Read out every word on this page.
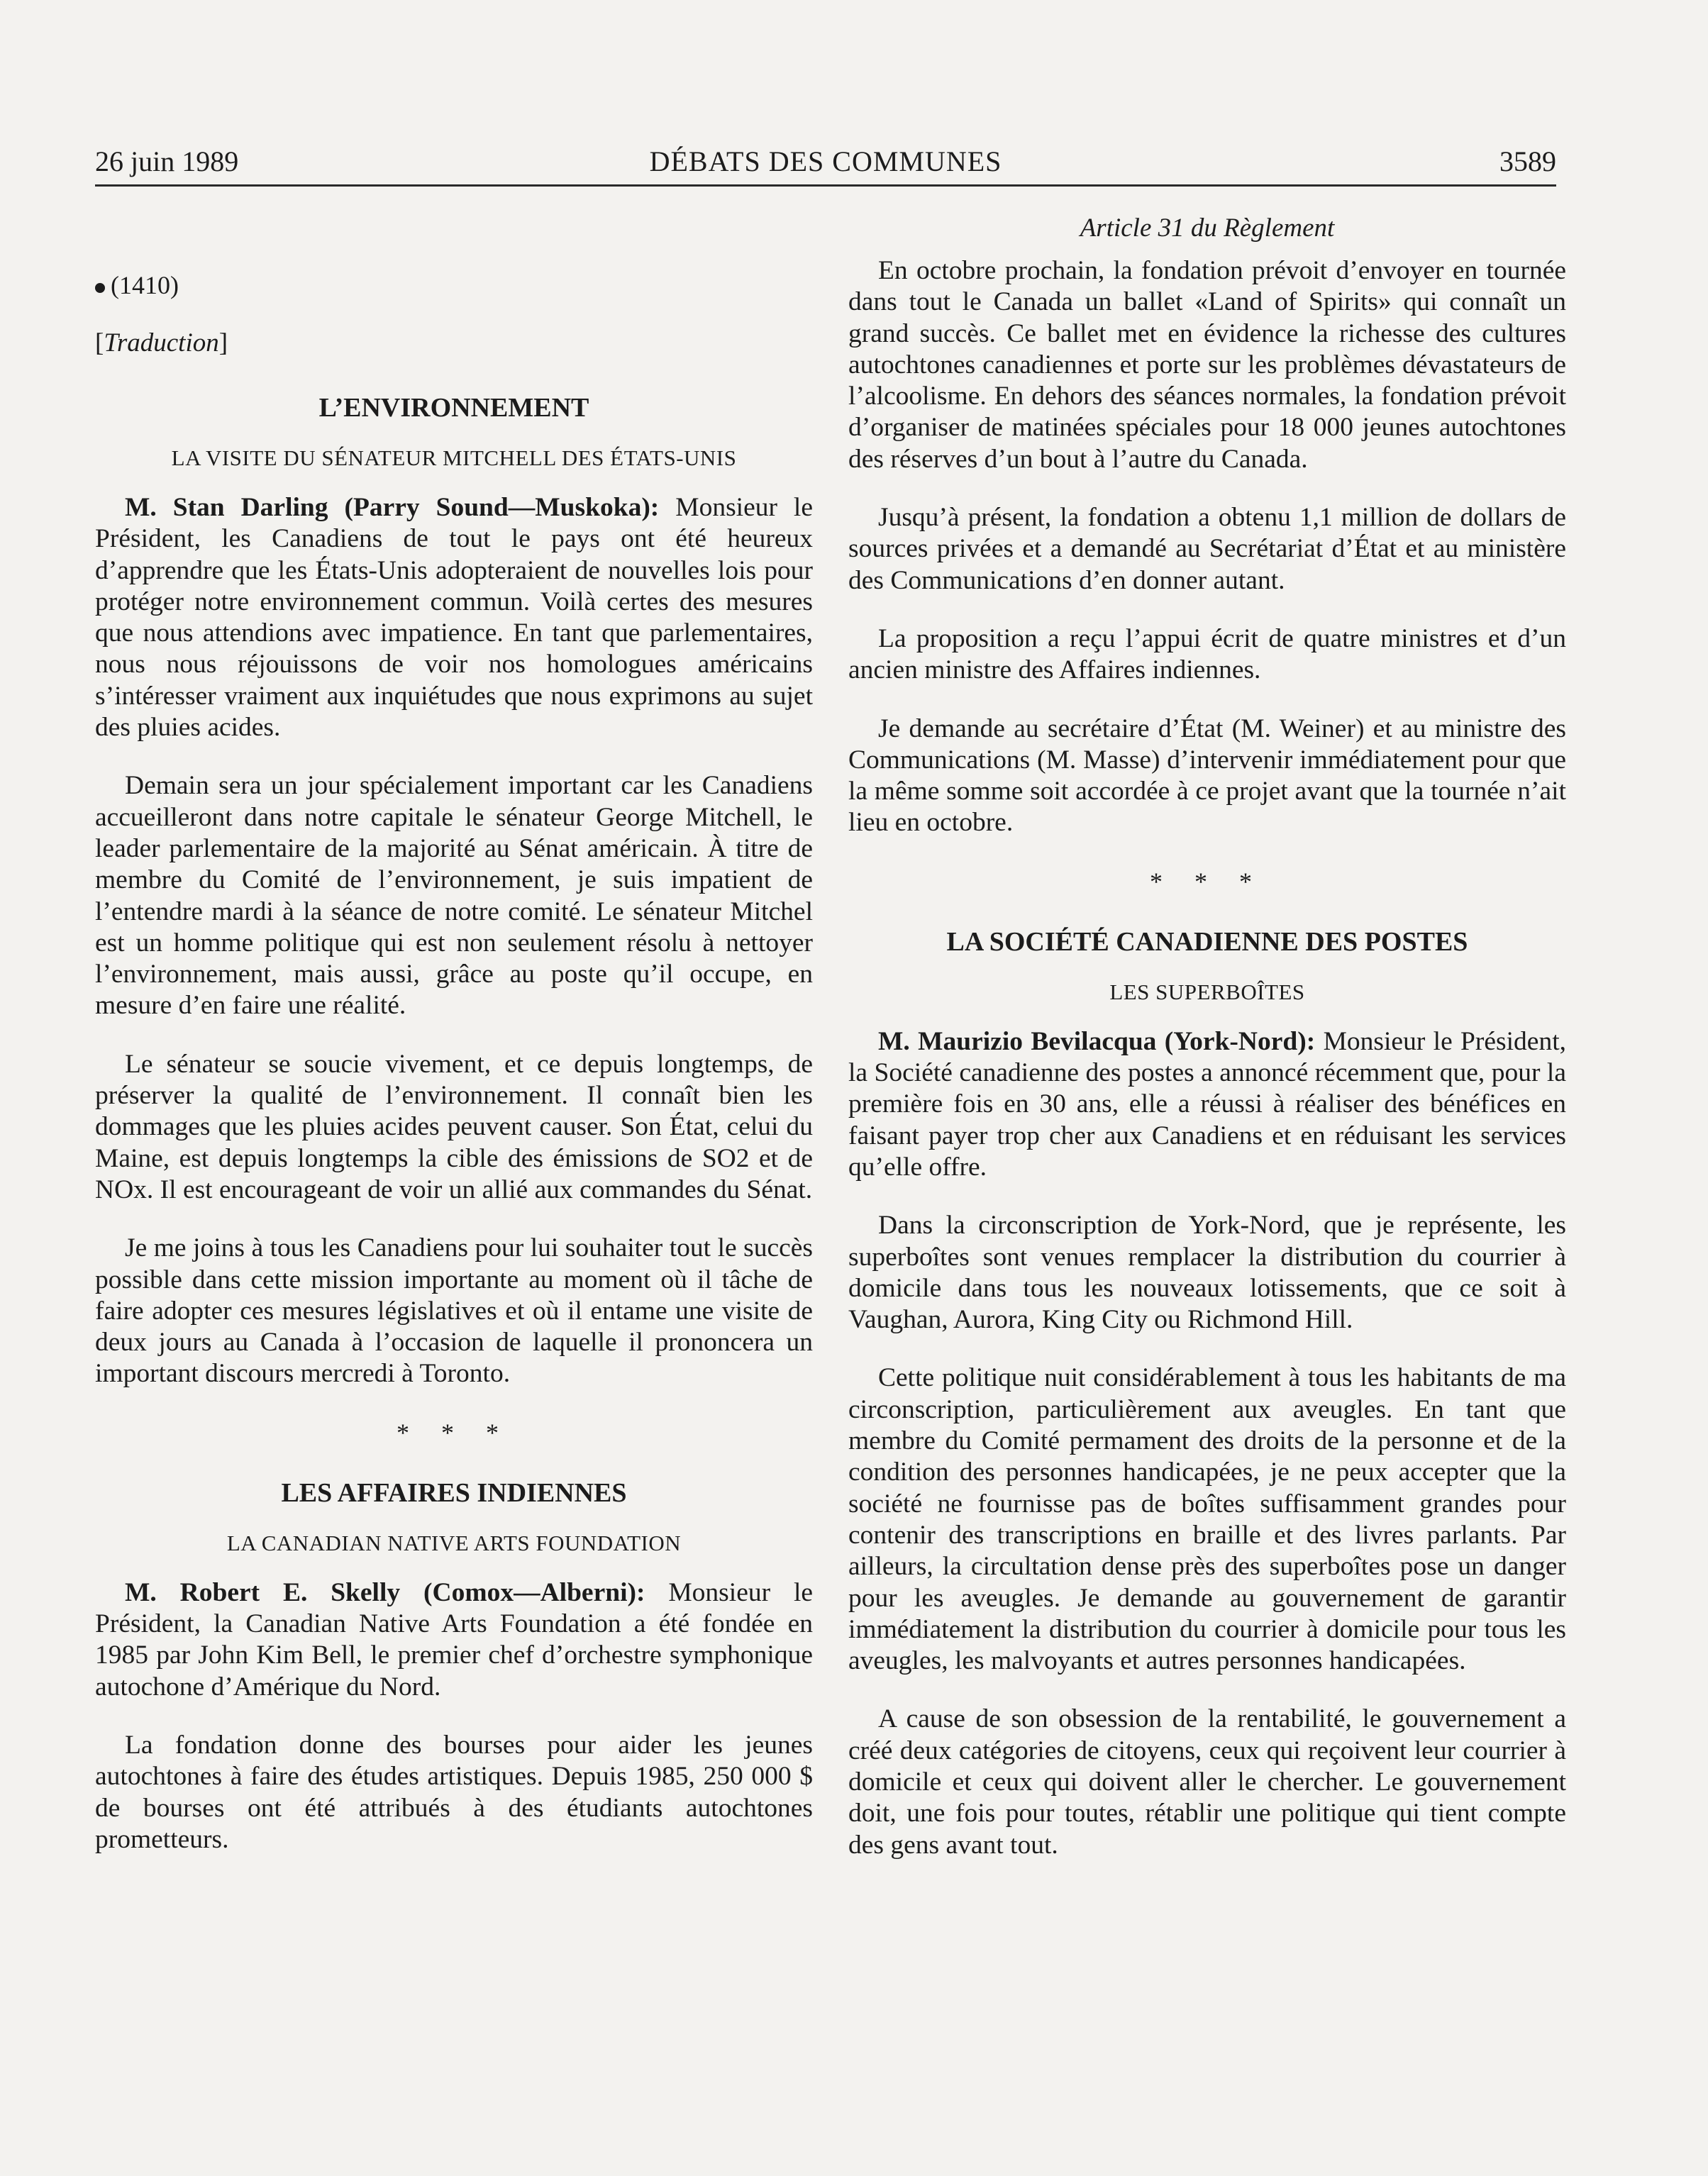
26 juin 1989	DÉBATS DES COMMUNES	3589
(1410)
[Traduction]
L’ENVIRONNEMENT
LA VISITE DU SÉNATEUR MITCHELL DES ÉTATS-UNIS

M. Stan Darling (Parry Sound—Muskoka): Monsieur le Président, les Canadiens de tout le pays ont été heureux d’apprendre que les États-Unis adopteraient de nouvelles lois pour protéger notre environnement commun. Voilà certes des mesures que nous attendions avec impatience. En tant que parlementaires, nous nous réjouissons de voir nos homologues américains s’intéresser vraiment aux inquiétudes que nous exprimons au sujet des pluies acides.

Demain sera un jour spécialement important car les Canadiens accueilleront dans notre capitale le sénateur George Mitchell, le leader parlementaire de la majorité au Sénat américain. À titre de membre du Comité de l’environnement, je suis impatient de l’entendre mardi à la séance de notre comité. Le sénateur Mitchel est un homme politique qui est non seulement résolu à nettoyer l’environnement, mais aussi, grâce au poste qu’il occupe, en mesure d’en faire une réalité.

Le sénateur se soucie vivement, et ce depuis longtemps, de préserver la qualité de l’environnement. Il connaît bien les dommages que les pluies acides peuvent causer. Son État, celui du Maine, est depuis longtemps la cible des émissions de SO2 et de NOx. Il est encourageant de voir un allié aux commandes du Sénat.

Je me joins à tous les Canadiens pour lui souhaiter tout le succès possible dans cette mission importante au moment où il tâche de faire adopter ces mesures législatives et où il entame une visite de deux jours au Canada à l’occasion de laquelle il prononcera un important discours mercredi à Toronto.

* * *
LES AFFAIRES INDIENNES
LA CANADIAN NATIVE ARTS FOUNDATION

M. Robert E. Skelly (Comox—Alberni): Monsieur le Président, la Canadian Native Arts Foundation a été fondée en 1985 par John Kim Bell, le premier chef d’orchestre symphonique autochone d’Amérique du Nord.

La fondation donne des bourses pour aider les jeunes autochtones à faire des études artistiques. Depuis 1985, 250 000 $ de bourses ont été attribués à des étudiants autochtones prometteurs.

Article 31 du Règlement

En octobre prochain, la fondation prévoit d’envoyer en tournée dans tout le Canada un ballet «Land of Spirits» qui connaît un grand succès. Ce ballet met en évidence la richesse des cultures autochtones canadiennes et porte sur les problèmes dévastateurs de l’alcoolisme. En dehors des séances normales, la fondation prévoit d’organiser de matinées spéciales pour 18 000 jeunes autochtones des réserves d’un bout à l’autre du Canada.

Jusqu’à présent, la fondation a obtenu 1,1 million de dollars de sources privées et a demandé au Secrétariat d’État et au ministère des Communications d’en donner autant.

La proposition a reçu l’appui écrit de quatre ministres et d’un ancien ministre des Affaires indiennes.

Je demande au secrétaire d’État (M. Weiner) et au ministre des Communications (M. Masse) d’intervenir immédiatement pour que la même somme soit accordée à ce projet avant que la tournée n’ait lieu en octobre.

* * *
LA SOCIÉTÉ CANADIENNE DES POSTES
LES SUPERBOÎTES

M. Maurizio Bevilacqua (York-Nord): Monsieur le Président, la Société canadienne des postes a annoncé récemment que, pour la première fois en 30 ans, elle a réussi à réaliser des bénéfices en faisant payer trop cher aux Canadiens et en réduisant les services qu’elle offre.

Dans la circonscription de York-Nord, que je représente, les superboîtes sont venues remplacer la distribution du courrier à domicile dans tous les nouveaux lotissements, que ce soit à Vaughan, Aurora, King City ou Richmond Hill.

Cette politique nuit considérablement à tous les habitants de ma circonscription, particulièrement aux aveugles. En tant que membre du Comité permament des droits de la personne et de la condition des personnes handicapées, je ne peux accepter que la société ne fournisse pas de boîtes suffisamment grandes pour contenir des transcriptions en braille et des livres parlants. Par ailleurs, la circultation dense près des superboîtes pose un danger pour les aveugles. Je demande au gouvernement de garantir immédiatement la distribution du courrier à domicile pour tous les aveugles, les malvoyants et autres personnes handicapées.

A cause de son obsession de la rentabilité, le gouvernement a créé deux catégories de citoyens, ceux qui reçoivent leur courrier à domicile et ceux qui doivent aller le chercher. Le gouvernement doit, une fois pour toutes, rétablir une politique qui tient compte des gens avant tout.
